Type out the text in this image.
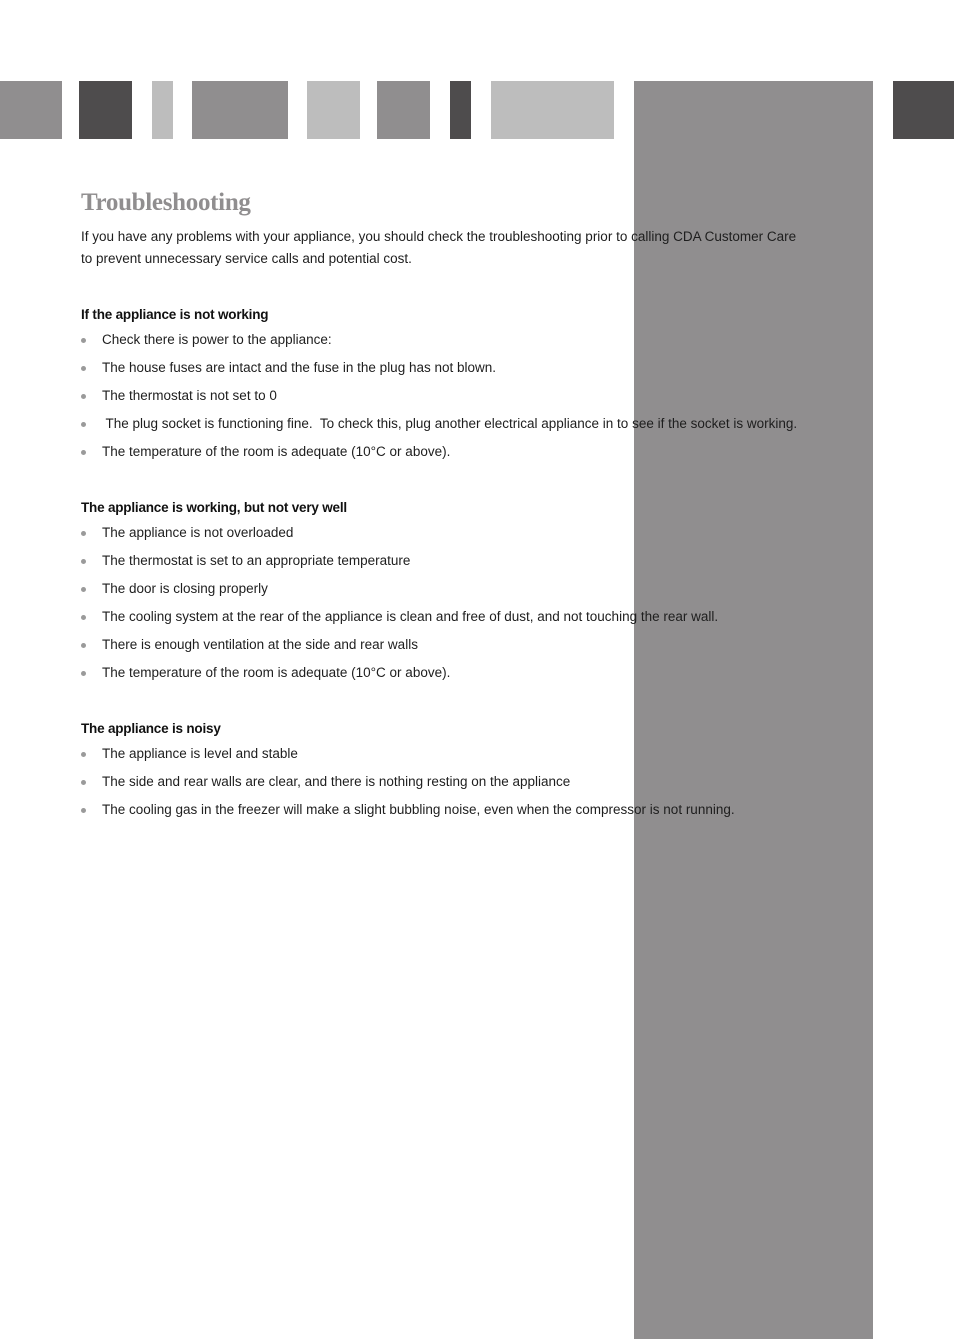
Troubleshooting

If you have any problems with your appliance, you should check the troubleshooting prior to calling CDA Customer Care
to prevent unnecessary service calls and potential cost.

If the appliance is not working
Check there is power to the appliance:
The house fuses are intact and the fuse in the plug has not blown.
The thermostat is not set to 0
The plug socket is functioning fine.  To check this, plug another electrical appliance in to see if the socket is working.
The temperature of the room is adequate (10°C or above).
The appliance is working, but not very well
The appliance is not overloaded
The thermostat is set to an appropriate temperature
The door is closing properly
The cooling system at the rear of the appliance is clean and free of dust, and not touching the rear wall.
There is enough ventilation at the side and rear walls
The temperature of the room is adequate (10°C or above).
The appliance is noisy
The appliance is level and stable
The side and rear walls are clear, and there is nothing resting on the appliance
The cooling gas in the freezer will make a slight bubbling noise, even when the compressor is not running.
